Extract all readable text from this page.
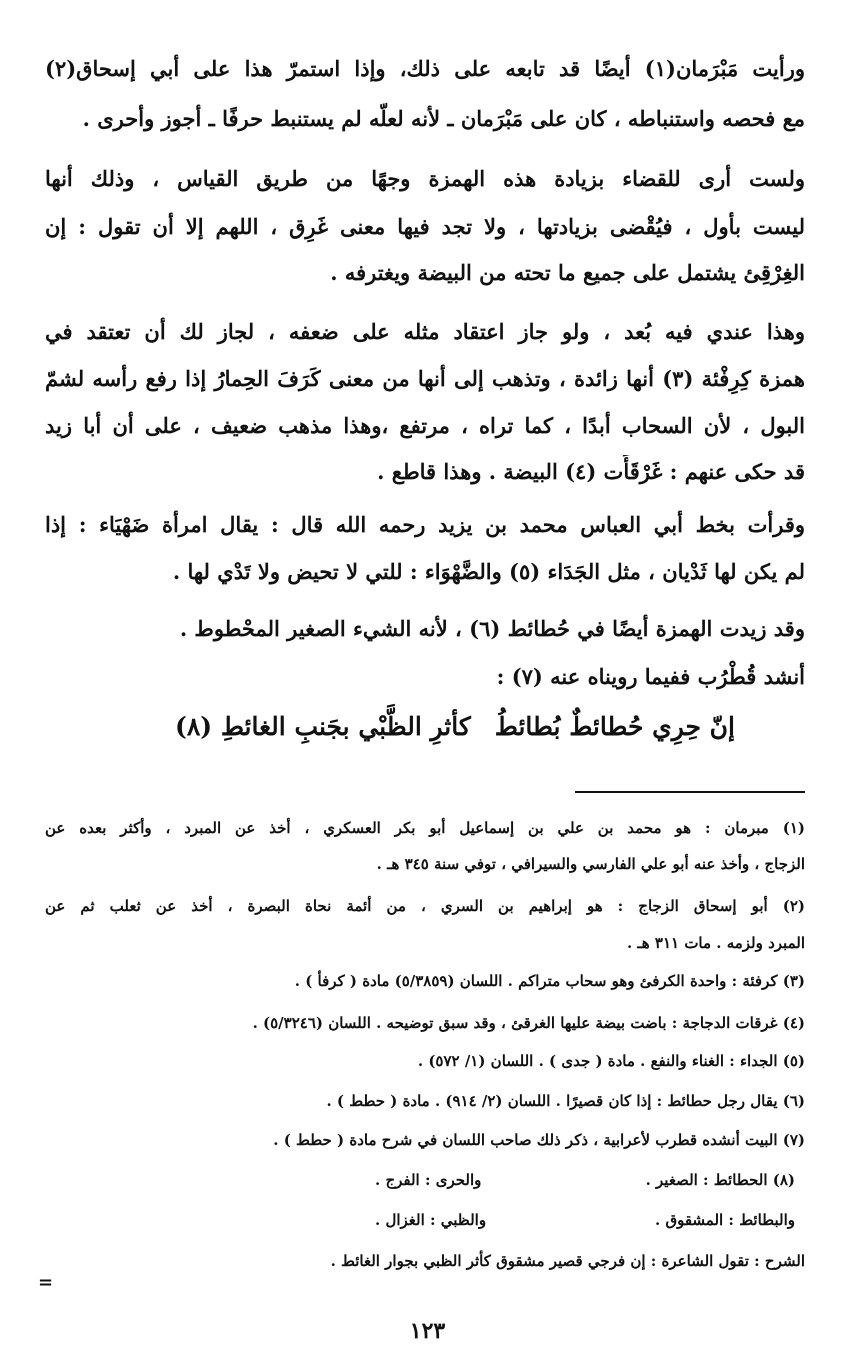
ورأيت مَبْرَمان(١) أيضًا قد تابعه على ذلك، وإذا استمرّ هذا على أبي إسحاق(٢)
مع فحصه واستنباطه ، كان على مَبْرَمان ـ لأنه لعلّه لم يستنبط حرفًا ـ أجوز وأحرى .
ولست أرى للقضاء بزيادة هذه الهمزة وجهًا من طريق القياس ، وذلك أنها
ليست بأول ، فيُقْضى بزيادتها ، ولا تجد فيها معنى غَرِق ، اللهم إلا أن تقول : إن
الغِرْقِئ يشتمل على جميع ما تحته من البيضة ويغترفه .
وهذا عندي فيه بُعد ، ولو جاز اعتقاد مثله على ضعفه ، لجاز لك أن تعتقد في
همزة كِرِفْئة (٣) أنها زائدة ، وتذهب إلى أنها من معنى كَرَفَ الحِمارُ إذا رفع رأسه لشمّ
البول ، لأن السحاب أبدًا ، كما تراه ، مرتفع ،وهذا مذهب ضعيف ، على أن أبا زيد
قد حكى عنهم : غَرْقَأَت (٤) البيضة . وهذا قاطع .
وقرأت بخط أبي العباس محمد بن يزيد رحمه الله قال : يقال امرأة ضَهْيَاء : إذا
لم يكن لها ثَدْيان ، مثل الجَدَاء (٥) والضَّهْوَاء : للتي لا تحيض ولا تَدْي لها .
وقد زيدت الهمزة أيضًا في حُطائط (٦) ، لأنه الشيء الصغير المحْطوط .
أنشد قُطْرُب ففيما رويناه عنه (٧) :
إنّ حِرِي حُطائطٌ بُطائطُ
كأثرِ الظَّبْي بجَنبِ الغائطِ (٨)
(١) مبرمان : هو محمد بن علي بن إسماعيل أبو بكر العسكري ، أخذ عن المبرد ، وأكثر بعده عن
الزجاج ، وأخذ عنه أبو علي الفارسي والسيرافي ، توفي سنة ٣٤٥ هـ .
(٢) أبو إسحاق الزجاج : هو إبراهيم بن السري ، من أئمة نحاة البصرة ، أخذ عن ثعلب ثم عن
المبرد ولزمه . مات ٣١١ هـ .
(٣) كرفئة : واحدة الكرفئ وهو سحاب متراكم . اللسان (٥/٣٨٥٩) مادة ( كرفأ ) .
(٤) غرقات الدجاجة : باضت بيضة عليها الغرقئ ، وقد سبق توضيحه . اللسان (٥/٣٢٤٦) .
(٥) الجداء : الغناء والنفع . مادة ( جدى ) . اللسان (١/ ٥٧٢) .
(٦) يقال رجل حطائط : إذا كان قصيرًا . اللسان (٢/ ٩١٤) . مادة ( حطط ) .
(٧) البيت أنشده قطرب لأعرابية ، ذكر ذلك صاحب اللسان في شرح مادة ( حطط ) .
(٨) الحطائط : الصغير .
والحرى : الفرج .
والبطائط : المشقوق .
والظبي : الغزال .
الشرح : تقول الشاعرة : إن فرجي قصير مشقوق كأثر الظبي بجوار الغائط .
=
١٢٣
